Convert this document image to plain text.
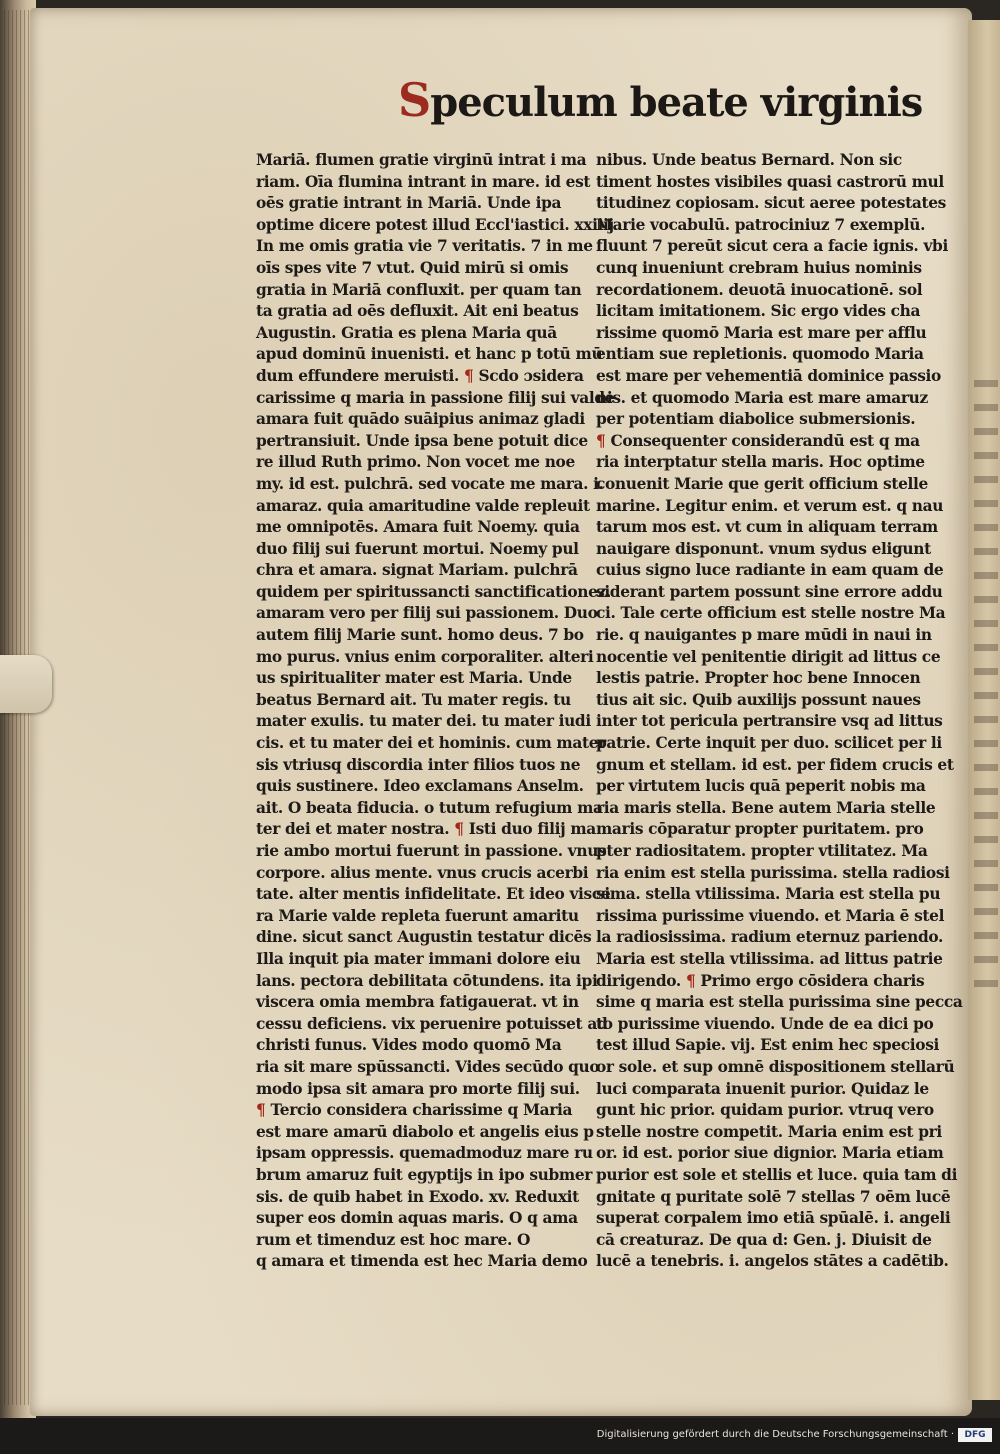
Speculum beate virginis
Mariā. flumen gratie virginū intrat i ma
riam. Oīa flumina intrant in mare. id est
oēs gratie intrant in Mariā. Unde ipa
optime dicere potest illud Eccl'iastici. xxiiij
In me omis gratia vie 7 veritatis. 7 in me
oīs spes vite 7 vtut. Quid mirū si omis
gratia in Mariā confluxit. per quam tan
ta gratia ad oēs defluxit. Ait eni beatus
Augustin. Gratia es plena Maria quā
apud dominū inuenisti. et hanc p totū mū
dum effundere meruisti. ¶ Scdo ɔsidera
carissime q maria in passione filij sui valde
amara fuit quādo suāipius animaz gladi
pertransiuit. Unde ipsa bene potuit dice
re illud Ruth primo. Non vocet me noe
my. id est. pulchrā. sed vocate me mara. i.
amaraz. quia amaritudine valde repleuit
me omnipotēs. Amara fuit Noemy. quia
duo filij sui fuerunt mortui. Noemy pul
chra et amara. signat Mariam. pulchrā
quidem per spiritussancti sanctificationez.
amaram vero per filij sui passionem. Duo
autem filij Marie sunt. homo deus. 7 bo
mo purus. vnius enim corporaliter. alteri
us spiritualiter mater est Maria. Unde
beatus Bernard ait. Tu mater regis. tu
mater exulis. tu mater dei. tu mater iudi
cis. et tu mater dei et hominis. cum mater
sis vtriusq discordia inter filios tuos ne
quis sustinere. Ideo exclamans Anselm.
ait. O beata fiducia. o tutum refugium ma
ter dei et mater nostra. ¶ Isti duo filij ma
rie ambo mortui fuerunt in passione. vnus
corpore. alius mente. vnus crucis acerbi
tate. alter mentis infidelitate. Et ideo visce
ra Marie valde repleta fuerunt amaritu
dine. sicut sanct Augustin testatur dicēs
Illa inquit pia mater immani dolore eiu
lans. pectora debilitata cōtundens. ita ipi
viscera omia membra fatigauerat. vt in
cessu deficiens. vix peruenire potuisset ad
christi funus. Vides modo quomō Ma
ria sit mare spūssancti. Vides secūdo quo
modo ipsa sit amara pro morte filij sui.
¶ Tercio considera charissime q Maria
est mare amarū diabolo et angelis eius p
ipsam oppressis. quemadmoduz mare ru
brum amaruz fuit egyptijs in ipo submer
sis. de quib habet in Exodo. xv. Reduxit
super eos domin aquas maris. O q ama
rum et timenduz est hoc mare. O
q amara et timenda est hec Maria demo
nibus. Unde beatus Bernard. Non sic
timent hostes visibiles quasi castrorū mul
titudinez copiosam. sicut aeree potestates
Marie vocabulū. patrociniuz 7 exemplū.
fluunt 7 pereūt sicut cera a facie ignis. vbi
cunq inueniunt crebram huius nominis
recordationem. deuotā inuocationē. sol
licitam imitationem. Sic ergo vides cha
rissime quomō Maria est mare per afflu
entiam sue repletionis. quomodo Maria
est mare per vehementiā dominice passio
nis. et quomodo Maria est mare amaruz
per potentiam diabolice submersionis.
¶ Consequenter considerandū est q ma
ria interptatur stella maris. Hoc optime
conuenit Marie que gerit officium stelle
marine. Legitur enim. et verum est. q nau
tarum mos est. vt cum in aliquam terram
nauigare disponunt. vnum sydus eligunt
cuius signo luce radiante in eam quam de
siderant partem possunt sine errore addu
ci. Tale certe officium est stelle nostre Ma
rie. q nauigantes p mare mūdi in naui in
nocentie vel penitentie dirigit ad littus ce
lestis patrie. Propter hoc bene Innocen
tius ait sic. Quib auxilijs possunt naues
inter tot pericula pertransire vsq ad littus
patrie. Certe inquit per duo. scilicet per li
gnum et stellam. id est. per fidem crucis et
per virtutem lucis quā peperit nobis ma
ria maris stella. Bene autem Maria stelle
maris cōparatur propter puritatem. pro
pter radiositatem. propter vtilitatez. Ma
ria enim est stella purissima. stella radiosi
sima. stella vtilissima. Maria est stella pu
rissima purissime viuendo. et Maria ē stel
la radiosissima. radium eternuz pariendo.
Maria est stella vtilissima. ad littus patrie
dirigendo. ¶ Primo ergo cōsidera charis
sime q maria est stella purissima sine pecca
to purissime viuendo. Unde de ea dici po
test illud Sapie. vij. Est enim hec speciosi
or sole. et sup omnē dispositionem stellarū
luci comparata inuenit purior. Quidaz le
gunt hic prior. quidam purior. vtruq vero
stelle nostre competit. Maria enim est pri
or. id est. porior siue dignior. Maria etiam
purior est sole et stellis et luce. quia tam di
gnitate q puritate solē 7 stellas 7 oēm lucē
superat corpalem imo etiā spūalē. i. angeli
cā creaturaz. De qua d: Gen. j. Diuisit de
lucē a tenebris. i. angelos stātes a cadētib.
Digitalisierung gefördert durch die Deutsche Forschungsgemeinschaft ·	DFG
